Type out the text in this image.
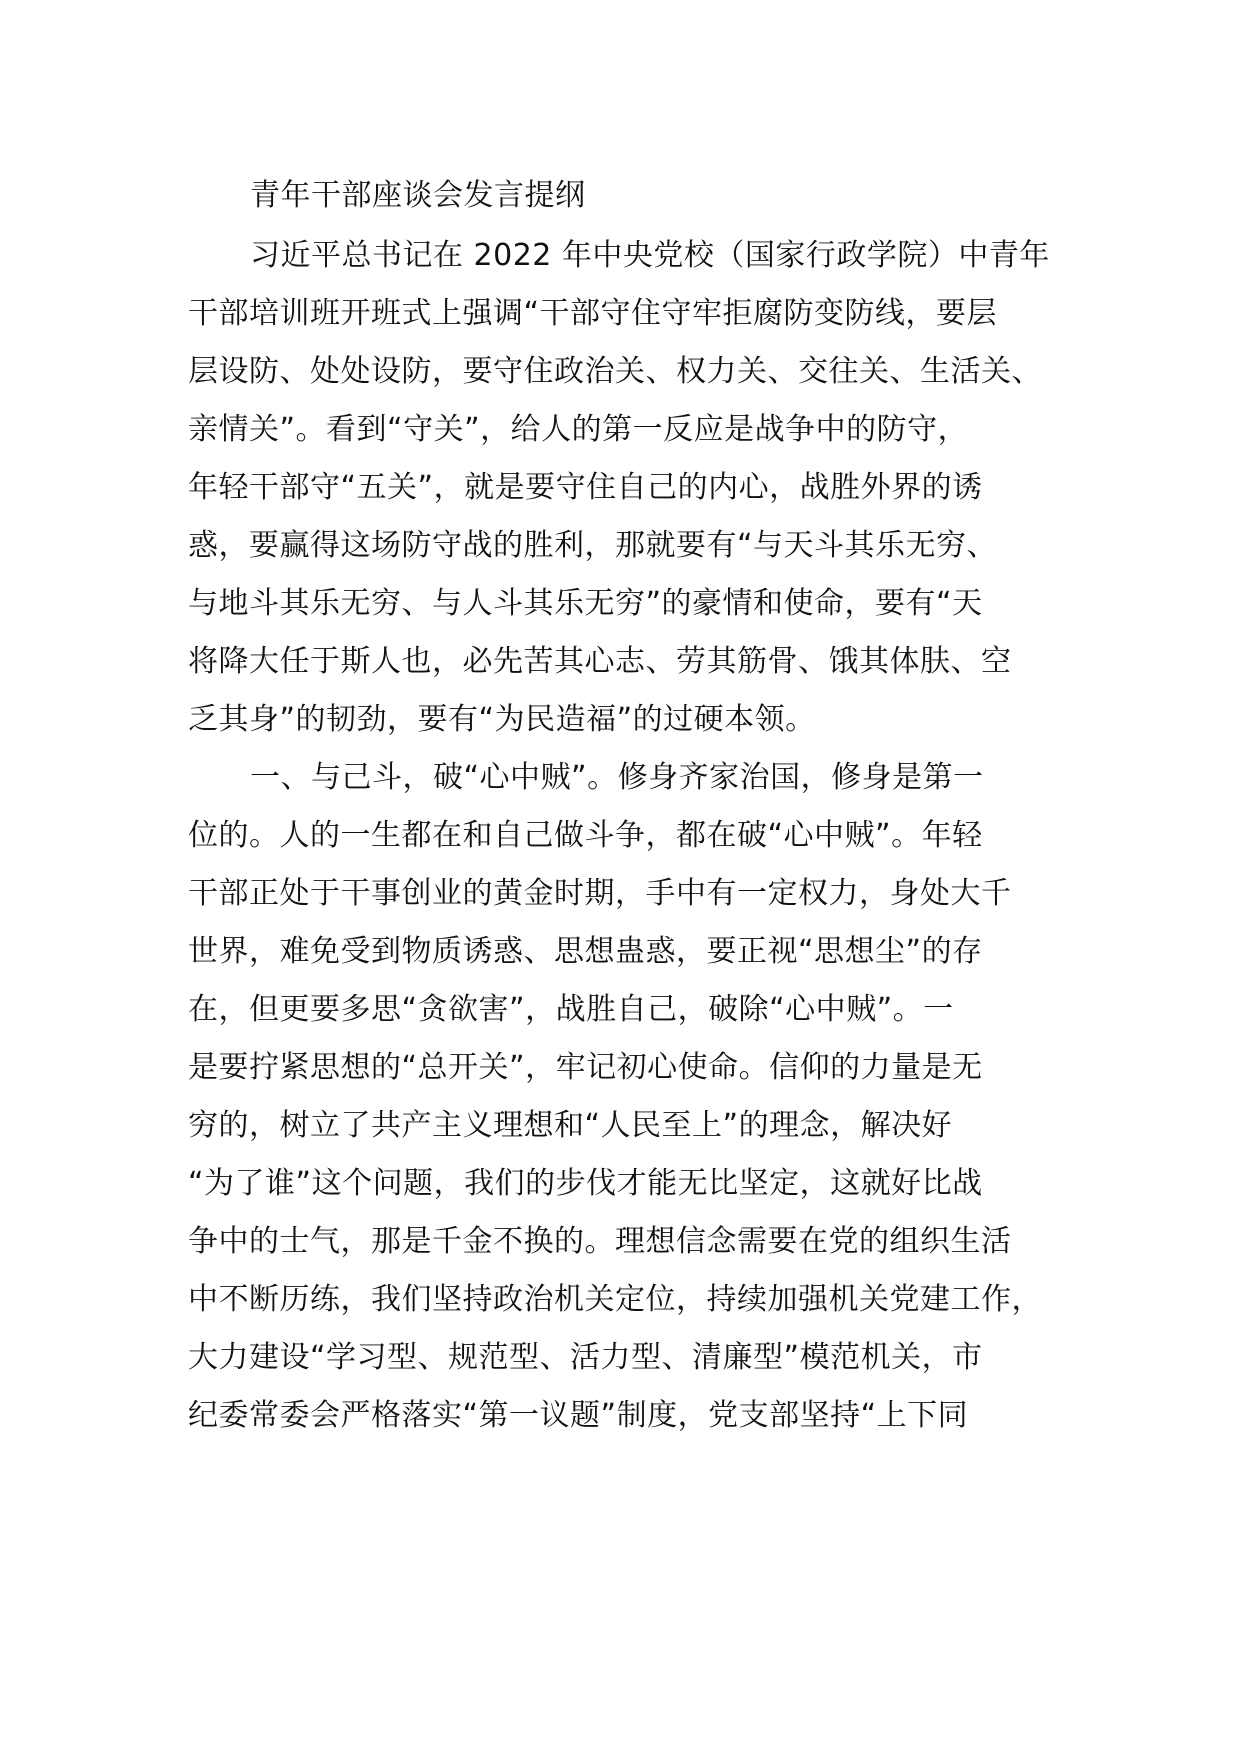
青年干部座谈会发言提纲
习近平总书记在 2022 年中央党校（国家行政学院）中青年
干部培训班开班式上强调“干部守住守牢拒腐防变防线，要层
层设防、处处设防，要守住政治关、权力关、交往关、生活关、
亲情关”。看到“守关”，给人的第一反应是战争中的防守，
年轻干部守“五关”，就是要守住自己的内心，战胜外界的诱
惑，要赢得这场防守战的胜利，那就要有“与天斗其乐无穷、
与地斗其乐无穷、与人斗其乐无穷”的豪情和使命，要有“天
将降大任于斯人也，必先苦其心志、劳其筋骨、饿其体肤、空
乏其身”的韧劲，要有“为民造福”的过硬本领。
一、与己斗，破“心中贼”。修身齐家治国，修身是第一
位的。人的一生都在和自己做斗争，都在破“心中贼”。年轻
干部正处于干事创业的黄金时期，手中有一定权力，身处大千
世界，难免受到物质诱惑、思想蛊惑，要正视“思想尘”的存
在，但更要多思“贪欲害”，战胜自己，破除“心中贼”。一
是要拧紧思想的“总开关”，牢记初心使命。信仰的力量是无
穷的，树立了共产主义理想和“人民至上”的理念，解决好
“为了谁”这个问题，我们的步伐才能无比坚定，这就好比战
争中的士气，那是千金不换的。理想信念需要在党的组织生活
中不断历练，我们坚持政治机关定位，持续加强机关党建工作，
大力建设“学习型、规范型、活力型、清廉型”模范机关，市
纪委常委会严格落实“第一议题”制度，党支部坚持“上下同
